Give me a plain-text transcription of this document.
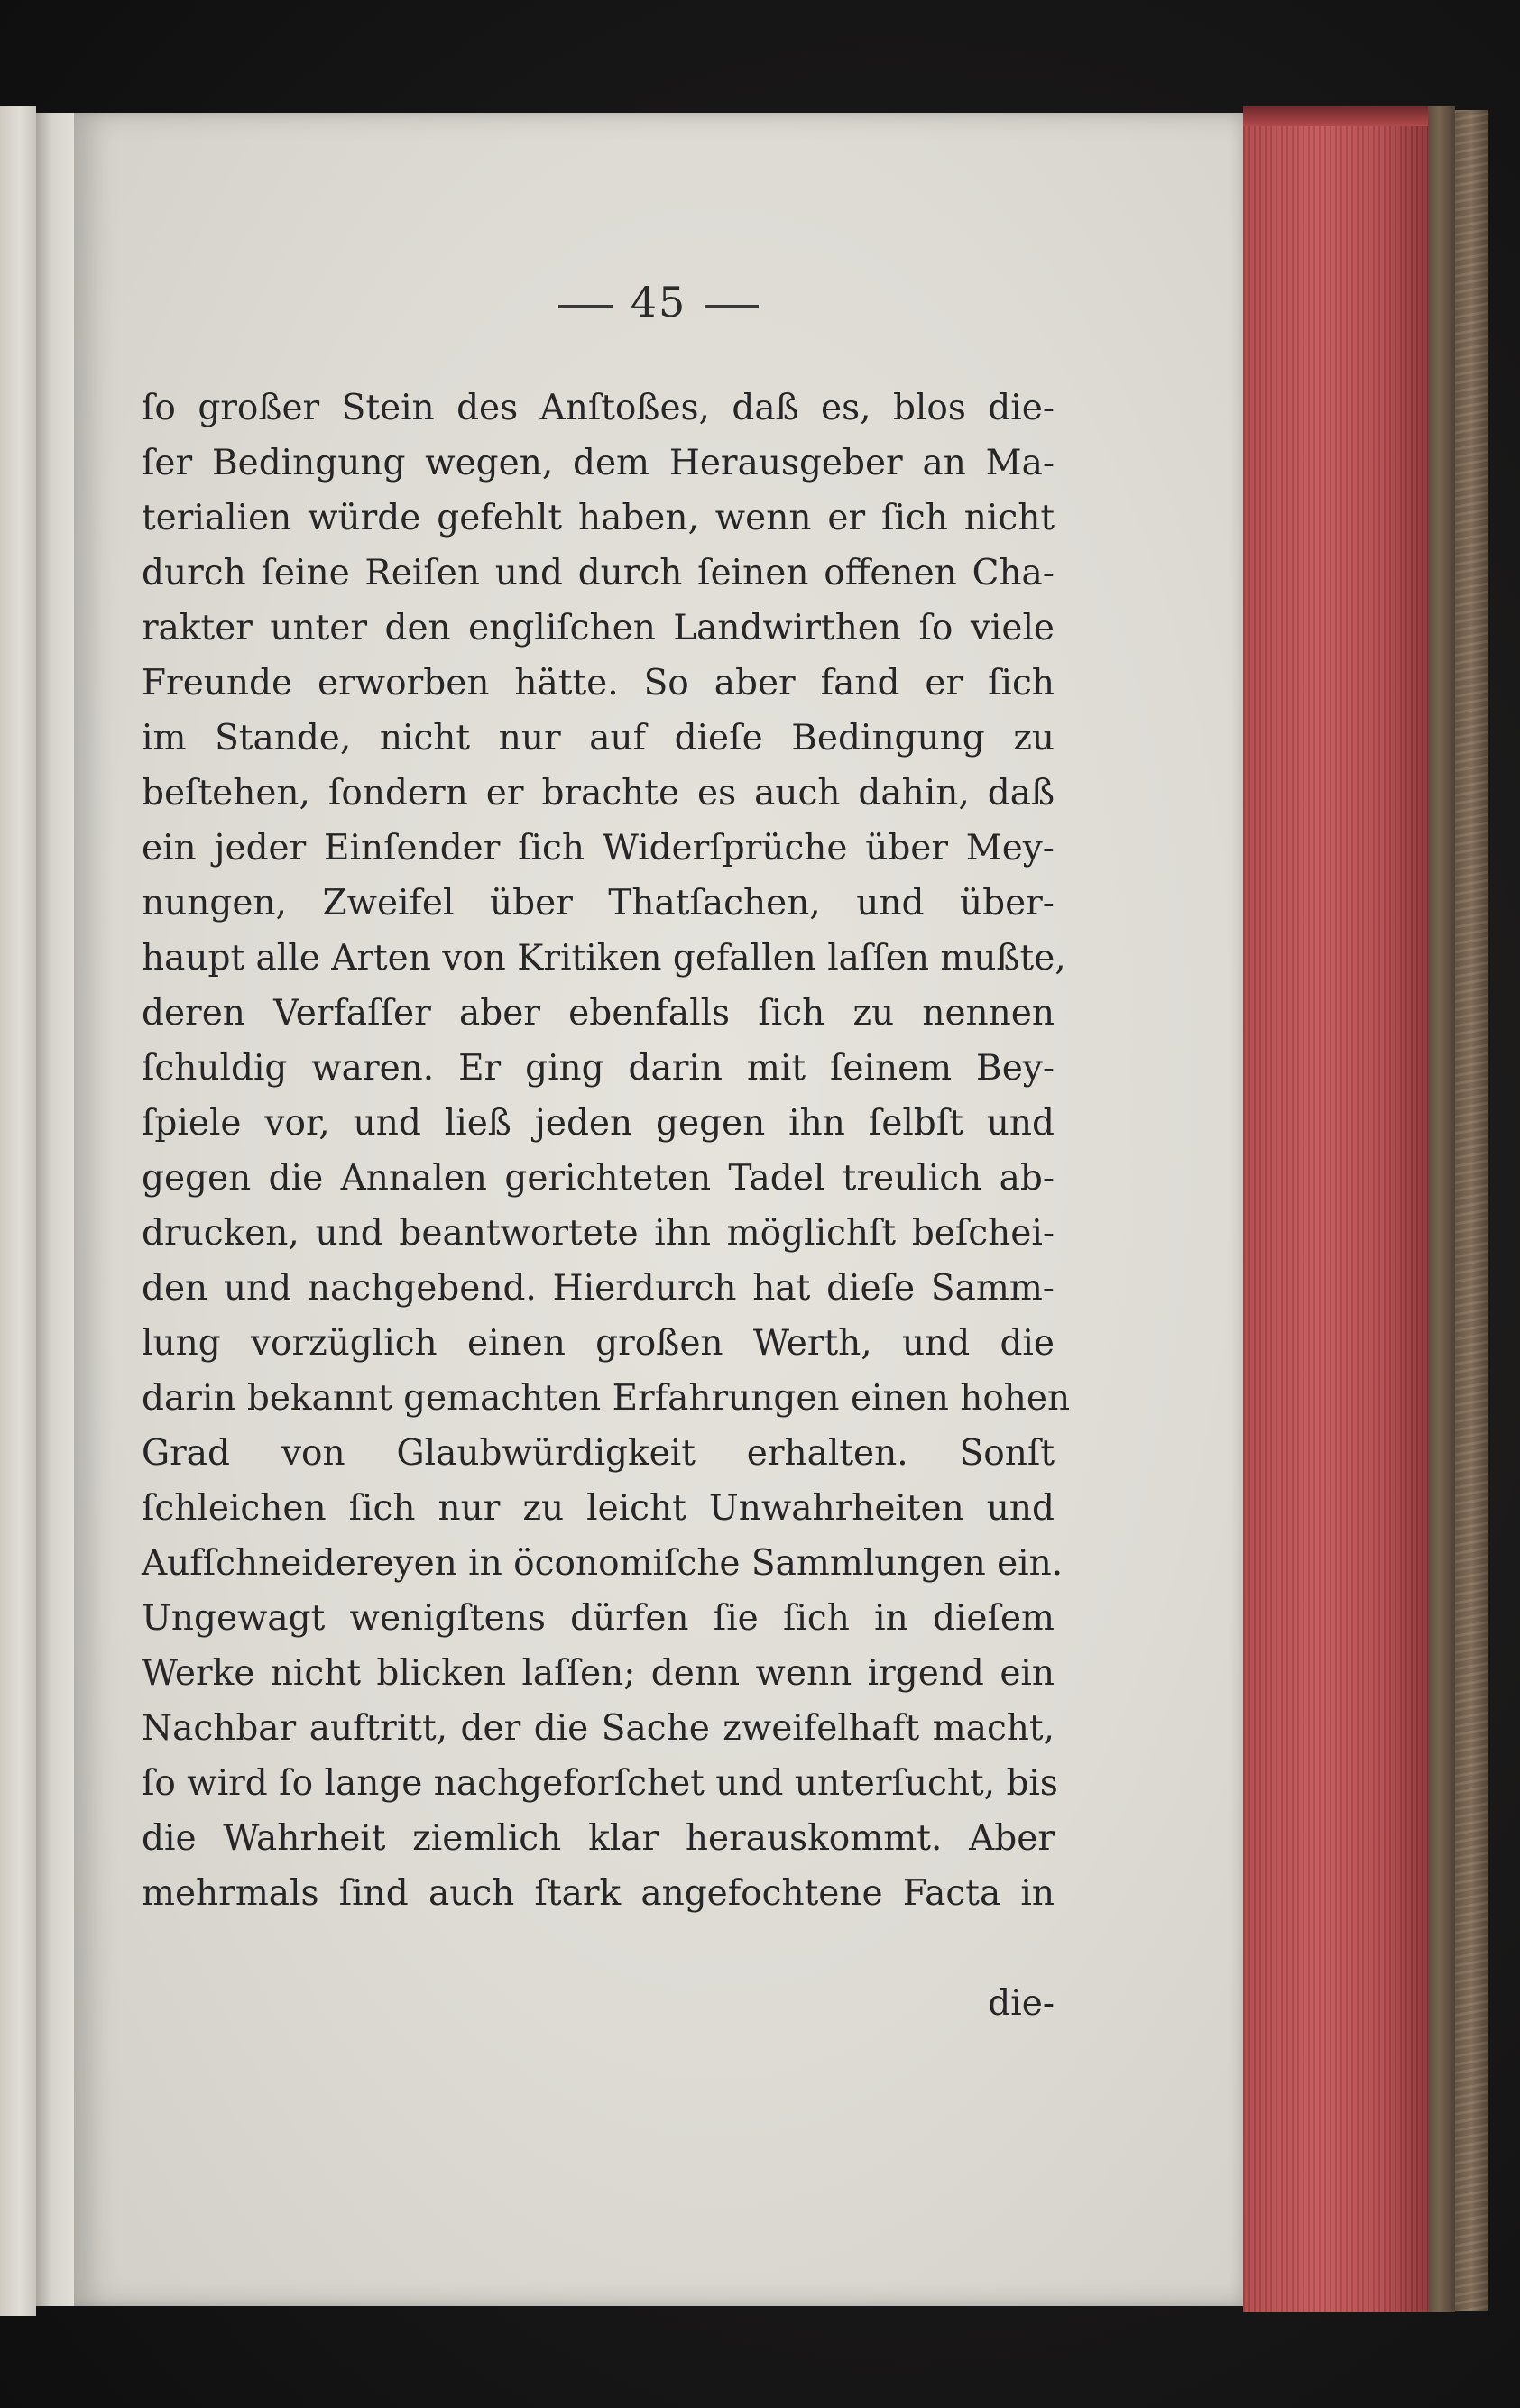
45
ſo großer Stein des Anſtoßes, daß es, blos die-
ſer Bedingung wegen, dem Herausgeber an Ma-
terialien würde gefehlt haben, wenn er ſich nicht
durch ſeine Reiſen und durch ſeinen offenen Cha-
rakter unter den engliſchen Landwirthen ſo viele
Freunde erworben hätte. So aber fand er ſich
im Stande, nicht nur auf dieſe Bedingung zu
beſtehen, ſondern er brachte es auch dahin, daß
ein jeder Einſender ſich Widerſprüche über Mey-
nungen, Zweifel über Thatſachen, und über-
haupt alle Arten von Kritiken gefallen laſſen mußte,
deren Verfaſſer aber ebenfalls ſich zu nennen
ſchuldig waren. Er ging darin mit ſeinem Bey-
ſpiele vor, und ließ jeden gegen ihn ſelbſt und
gegen die Annalen gerichteten Tadel treulich ab-
drucken, und beantwortete ihn möglichſt beſchei-
den und nachgebend. Hierdurch hat dieſe Samm-
lung vorzüglich einen großen Werth, und die
darin bekannt gemachten Erfahrungen einen hohen
Grad von Glaubwürdigkeit erhalten. Sonſt
ſchleichen ſich nur zu leicht Unwahrheiten und
Aufſchneidereyen in öconomiſche Sammlungen ein.
Ungewagt wenigſtens dürfen ſie ſich in dieſem
Werke nicht blicken laſſen; denn wenn irgend ein
Nachbar auftritt, der die Sache zweifelhaft macht,
ſo wird ſo lange nachgeforſchet und unterſucht, bis
die Wahrheit ziemlich klar herauskommt. Aber
mehrmals ſind auch ſtark angefochtene Facta in
die-
